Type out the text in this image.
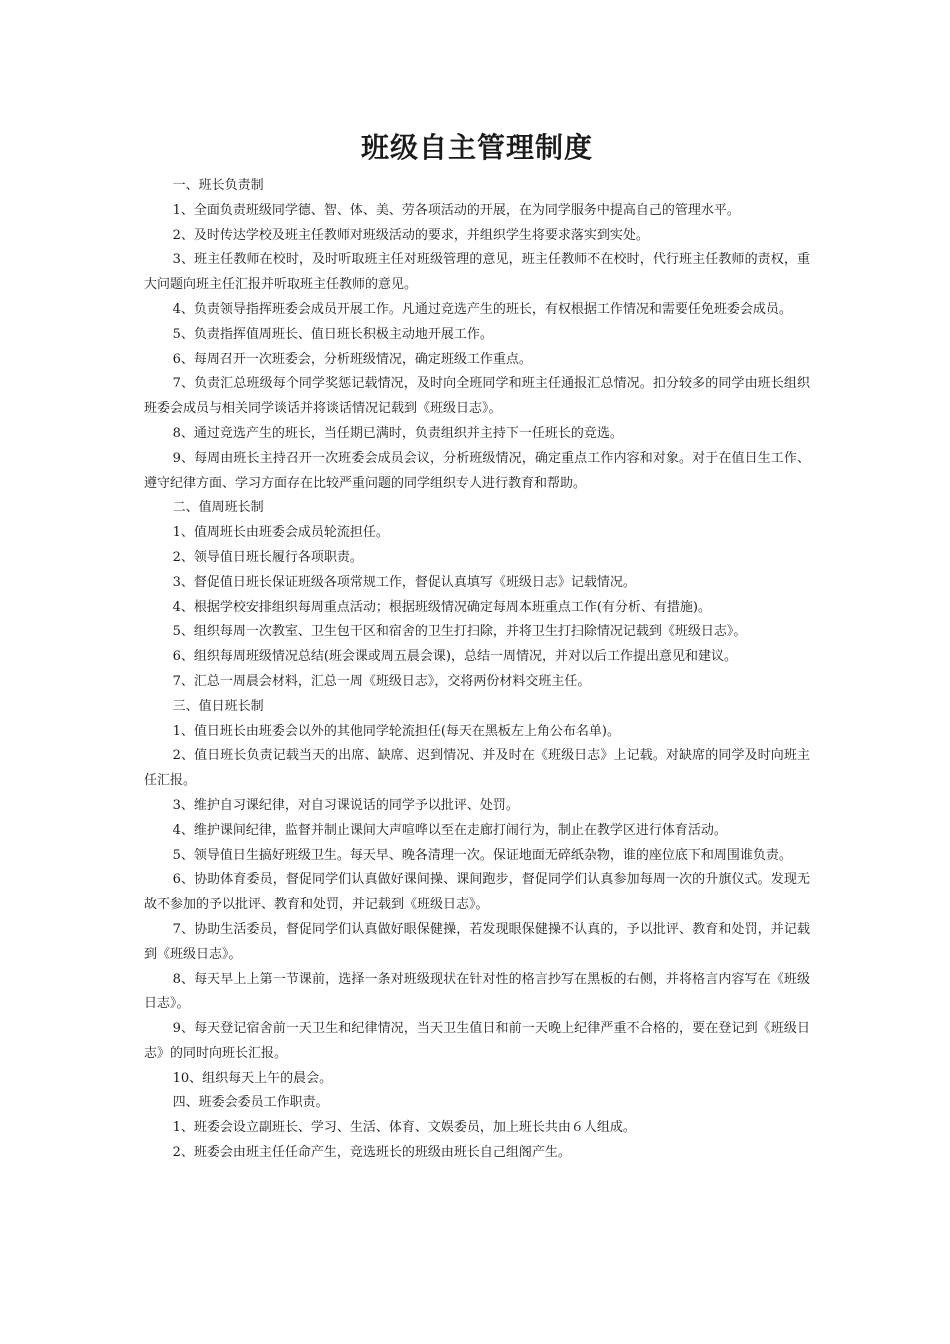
班级自主管理制度

一、班长负责制

1、全面负责班级同学德、智、体、美、劳各项活动的开展，在为同学服务中提高自己的管理水平。

2、及时传达学校及班主任教师对班级活动的要求，并组织学生将要求落实到实处。

3、班主任教师在校时，及时听取班主任对班级管理的意见，班主任教师不在校时，代行班主任教师的责权，重大问题向班主任汇报并听取班主任教师的意见。

4、负责领导指挥班委会成员开展工作。凡通过竞选产生的班长，有权根据工作情况和需要任免班委会成员。

5、负责指挥值周班长、值日班长积极主动地开展工作。

6、每周召开一次班委会，分析班级情况，确定班级工作重点。

7、负责汇总班级每个同学奖惩记载情况，及时向全班同学和班主任通报汇总情况。扣分较多的同学由班长组织班委会成员与相关同学谈话并将谈话情况记载到《班级日志》。

8、通过竞选产生的班长，当任期已满时，负责组织并主持下一任班长的竞选。

9、每周由班长主持召开一次班委会成员会议，分析班级情况，确定重点工作内容和对象。对于在值日生工作、遵守纪律方面、学习方面存在比较严重问题的同学组织专人进行教育和帮助。

二、值周班长制

1、值周班长由班委会成员轮流担任。

2、领导值日班长履行各项职责。

3、督促值日班长保证班级各项常规工作，督促认真填写《班级日志》记载情况。

4、根据学校安排组织每周重点活动；根据班级情况确定每周本班重点工作(有分析、有措施)。

5、组织每周一次教室、卫生包干区和宿舍的卫生打扫除，并将卫生打扫除情况记载到《班级日志》。

6、组织每周班级情况总结(班会课或周五晨会课)，总结一周情况，并对以后工作提出意见和建议。

7、汇总一周晨会材料，汇总一周《班级日志》，交将两份材料交班主任。

三、值日班长制

1、值日班长由班委会以外的其他同学轮流担任(每天在黑板左上角公布名单)。

2、值日班长负责记载当天的出席、缺席、迟到情况、并及时在《班级日志》上记载。对缺席的同学及时向班主任汇报。

3、维护自习课纪律，对自习课说话的同学予以批评、处罚。

4、维护课间纪律，监督并制止课间大声喧哗以至在走廊打闹行为，制止在教学区进行体育活动。

5、领导值日生搞好班级卫生。每天早、晚各清理一次。保证地面无碎纸杂物，谁的座位底下和周围谁负责。

6、协助体育委员，督促同学们认真做好课间操、课间跑步，督促同学们认真参加每周一次的升旗仪式。发现无故不参加的予以批评、教育和处罚，并记载到《班级日志》。

7、协助生活委员，督促同学们认真做好眼保健操，若发现眼保健操不认真的，予以批评、教育和处罚，并记载到《班级日志》。

8、每天早上上第一节课前，选择一条对班级现状在针对性的格言抄写在黑板的右侧，并将格言内容写在《班级日志》。

9、每天登记宿舍前一天卫生和纪律情况，当天卫生值日和前一天晚上纪律严重不合格的，要在登记到《班级日志》的同时向班长汇报。

10、组织每天上午的晨会。

四、班委会委员工作职责。

1、班委会设立副班长、学习、生活、体育、文娱委员，加上班长共由６人组成。

2、班委会由班主任任命产生，竞选班长的班级由班长自己组阁产生。
